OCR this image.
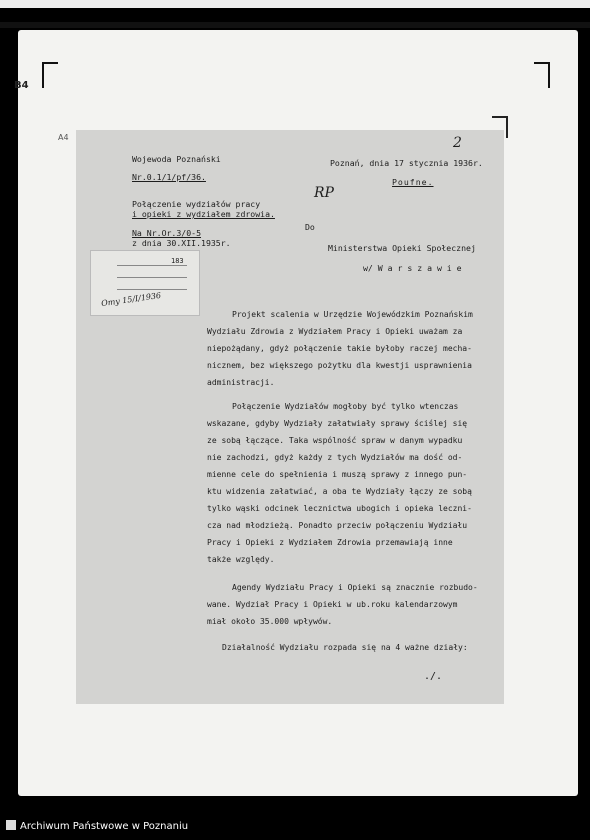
B4
A4
Wojewoda Poznański
Nr.0.1/1/pf/36.
Połączenie wydziałów pracy
i opieki z wydziałem zdrowia.
Na Nr.Or.3/0-5
z dnia 30.XII.1935r.
Poznań, dnia 17 stycznia 1936r.
2
Poufne.
RP
Do
Ministerstwa Opieki Społecznej
w/ W a r s z a w i e
183
Omy 15/I/1936
Projekt scalenia w Urzędzie Wojewódzkim Poznańskim
Wydziału Zdrowia z Wydziałem Pracy i Opieki uważam za
niepożądany, gdyż połączenie takie byłoby raczej mecha-
nicznem, bez większego pożytku dla kwestji usprawnienia
administracji.
Połączenie Wydziałów mogłoby być tylko wtenczas
wskazane, gdyby Wydziały załatwiały sprawy ściślej się
ze sobą łączące. Taka wspólność spraw w danym wypadku
nie zachodzi, gdyż każdy z tych Wydziałów ma dość od-
mienne cele do spełnienia i muszą sprawy z innego pun-
ktu widzenia załatwiać, a oba te Wydziały łączy ze sobą
tylko wąski odcinek lecznictwa ubogich i opieka leczni-
cza nad młodzieżą. Ponadto przeciw połączeniu Wydziału
Pracy i Opieki z Wydziałem Zdrowia przemawiają inne
także względy.
Agendy Wydziału Pracy i Opieki są znacznie rozbudo-
wane. Wydział Pracy i Opieki w ub.roku kalendarzowym
miał około 35.000 wpływów.
Działalność Wydziału rozpada się na 4 ważne działy:
./.
Archiwum Państwowe w Poznaniu
